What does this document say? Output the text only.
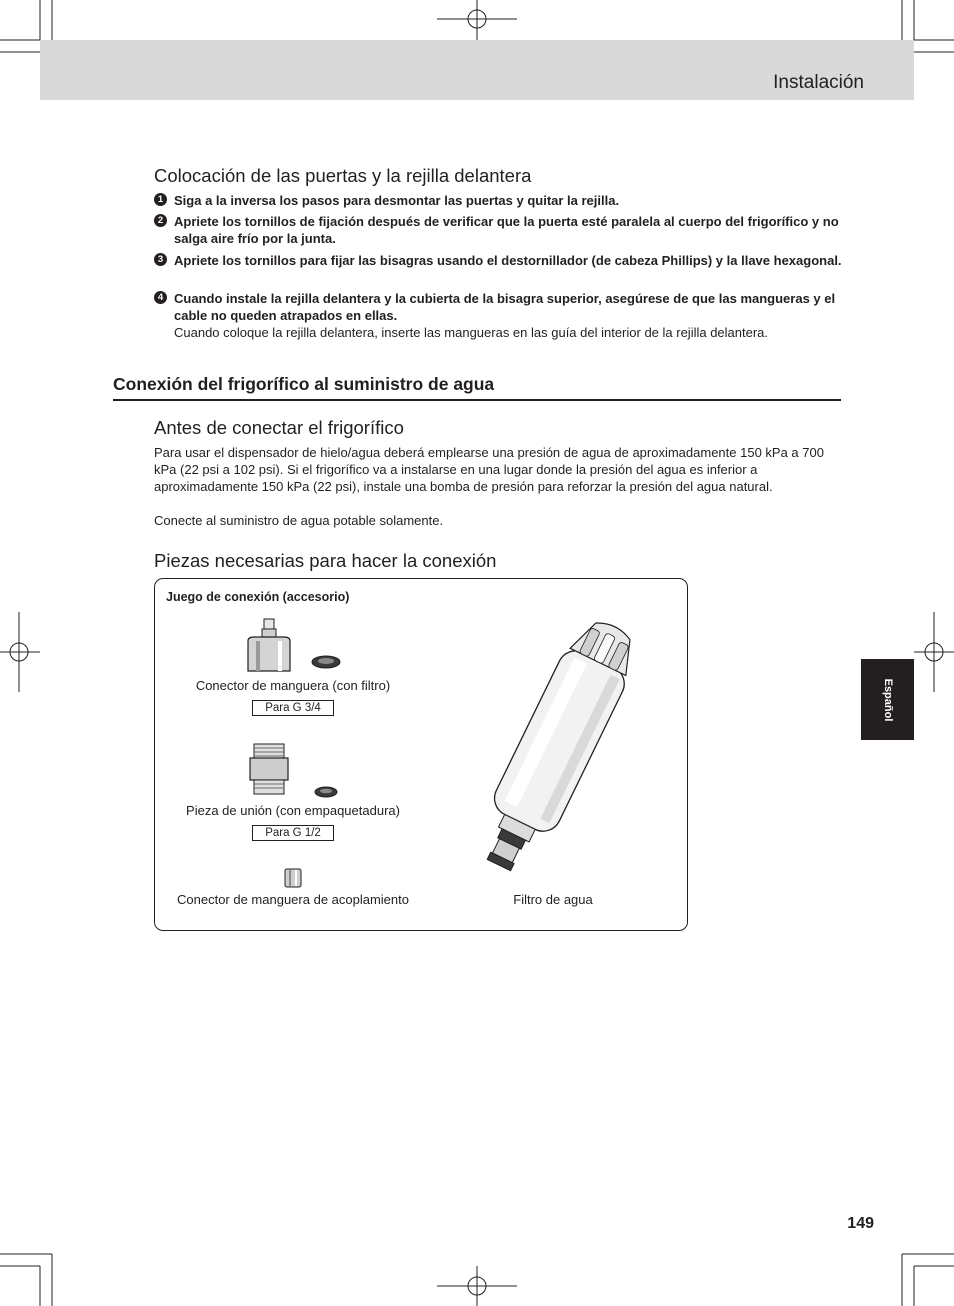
Instalación
Colocación de las puertas y la rejilla delantera
1 Siga a la inversa los pasos para desmontar las puertas y quitar la rejilla.
2 Apriete los tornillos de fijación después de verificar que la puerta esté paralela al cuerpo del frigorífico y no salga aire frío por la junta.
3 Apriete los tornillos para fijar las bisagras usando el destornillador (de cabeza Phillips) y la llave hexagonal.
4 Cuando instale la rejilla delantera y la cubierta de la bisagra superior, asegúrese de que las mangueras y el cable no queden atrapados en ellas.
Cuando coloque la rejilla delantera, inserte las mangueras en las guía del interior de la rejilla delantera.
Conexión del frigorífico al suministro de agua
Antes de conectar el frigorífico
Para usar el dispensador de hielo/agua deberá emplearse una presión de agua de aproximadamente 150 kPa a 700 kPa (22 psi a 102 psi). Si el frigorífico va a instalarse en una lugar donde la presión del agua es inferior a aproximadamente 150 kPa (22 psi), instale una bomba de presión para reforzar la presión del agua natural.
Conecte al suministro de agua potable solamente.
Piezas necesarias para hacer la conexión
Juego de conexión (accesorio)
Conector de manguera (con filtro)
Para G 3/4
Pieza de unión (con empaquetadura)
Para G 1/2
Conector de manguera de acoplamiento	Filtro de agua
Español
149
